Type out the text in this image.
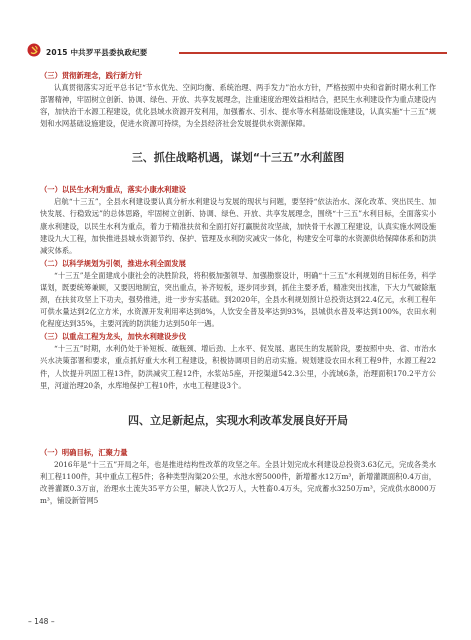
2015 中共罗平县委执政纪要

（三）贯彻新理念，践行新方针

认真贯彻落实习近平总书记“节水优先、空间均衡、系统治理、两手发力”治水方针，严格按照中央和省新时期水利工作部署精神，牢固树立创新、协调、绿色、开放、共享发展理念，注重速度治理效益相结合，把民生水利建设作为重点建设内容，加快治干水源工程建设，优化县域水资源开发利用，加强蓄水、引水、提水等水利基础设施建设，认真实施“十三五”规划和水网基础设施建设，促进水资源可持续，为全县经济社会发展提供水资源保障。

三、抓住战略机遇，谋划“十三五”水利蓝图

（一）以民生水利为重点，落实小康水利建设

启航“十三五”，全县水利建设要认真分析水利建设与发展的现状与问题，要坚持“依法治水、深化改革、突出民生、加快发展、行稳致远”的总体思路，牢固树立创新、协调、绿色、开放、共享发展理念，围绕“十三五”水利目标，全面落实小康水利建设，以民生水利为重点，着力于精准扶贫和全面打好打赢脱贫攻坚战，加快骨干水源工程建设，认真实施水网设施建设九大工程，加快推进县城水资源节约、保护、管理及水利防灾减灾一体化，构建安全可靠的水资源供给保障体系和防洪减灾体系。

（二）以科学规划为引领，推进水利全面发展

“十三五”是全面建成小康社会的决胜阶段，将积极加强领导、加强勘察设计，明确“十三五”水利规划的目标任务，科学谋划，既要统筹兼顾，又要因地制宜，突出重点，补齐短板，逐步同步到，抓住主要矛盾，精准突出找准，下大力气破除瓶颈，在扶贫攻坚上下功夫，强势推进，进一步夯实基础。到2020年，全县水利规划预计总投资达到22.4亿元，水利工程年可供水量达到2亿立方米，水资源开发利用率达到8%，人饮安全普及率达到93%，县城供水普及率达到100%，农田水利化程度达到35%，主要河流的防洪能力达到50年一遇。

（三）以重点工程为龙头，加快水利建设步伐

“十三五”时期，水利仍处于补短板、破瓶颈、增后劲、上水平、促发展、惠民生的发展阶段，要按照中央、省、市治水兴水决策部署和要求，重点抓好重大水利工程建设，积极协调项目的启动实施。规划建设农田水利工程9件，水源工程22件，人饮提升巩固工程13件，防洪减灾工程12件，水浆站5座，开挖渠道542.3公里，小流域6条，治理面积170.2平方公里，河道治理20条，水库地保护工程10件，水电工程建设3个。

四、立足新起点，实现水利改革发展良好开局

（一）明确目标，汇聚力量

2016年是“十三五”开局之年，也是推进结构性改革的攻坚之年。全县计划完成水利建设总投资3.63亿元，完成各类水利工程1100件，其中重点工程5件；各种类型沟渠20公里，水池水窖5000件，新增蓄水12万m³，新增灌溉面积0.4万亩，改善灌溉0.3万亩，治理水土流失35平方公里，解决人饮2万人，大牲畜0.4万头，完成蓄水3250万m³，完成供水8000万m³，铺设新管网5

– 148 –
